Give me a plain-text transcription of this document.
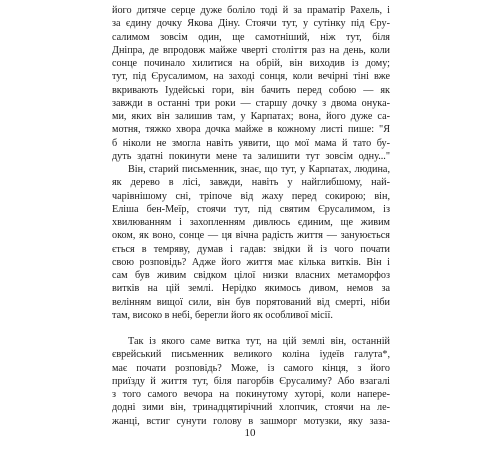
його дитяче серце дуже боліло тоді й за праматір Рахель, і
за єдину дочку Якова Діну. Стоячи тут, у сутінку під Єру-
салимом зовсім один, ще самотніший, ніж тут, біля
Дніпра, де впродовж майже чверті століття раз на день, коли
сонце починало хилитися на обрій, він виходив із дому;
тут, під Єрусалимом, на заході сонця, коли вечірні тіні вже
вкривають Іудейські гори, він бачить перед собою — як
завжди в останні три роки — старшу дочку з двома онука-
ми, яких він залишив там, у Карпатах; вона, його дуже са-
мотня, тяжко хвора дочка майже в кожному листі пише: "Я
б ніколи не змогла навіть уявити, що мої мама й тато бу-
дуть здатні покинути мене та залишити тут зовсім одну..."
Він, старий письменник, знає, що тут, у Карпатах, людина,
як дерево в лісі, завжди, навіть у найглибшому, най-
чарівнішому сні, тріпоче від жаху перед сокирою; він,
Еліша бен-Меїр, стоячи тут, під святим Єрусалимом, із
хвилюванням і захопленням дивлюсь єдиним, ще живим
оком, як воно, сонце — ця вічна радість життя — зануюється
ється в темряву, думав і гадав: звідки й із чого почати
свою розповідь? Адже його життя має кілька витків. Він і
сам був живим свідком цілої низки власних метаморфоз
витків на цій землі. Нерідко якимось дивом, немов за
велінням вищої сили, він був порятований від смерті, ніби
там, високо в небі, берегли його як особливої місії.
Так із якого саме витка тут, на цій землі він, останній
єврейський письменник великого коліна іудеїв галута*,
має почати розповідь? Може, із самого кінця, з його
приїзду й життя тут, біля пагорбів Єрусалиму? Або взагалі
з того самого вечора на покинутому хуторі, коли напере-
додні зими він, тринадцятирічний хлопчик, стоячи на ле-
жанці, встиг сунути голову в зашморг мотузки, яку заза-
10
